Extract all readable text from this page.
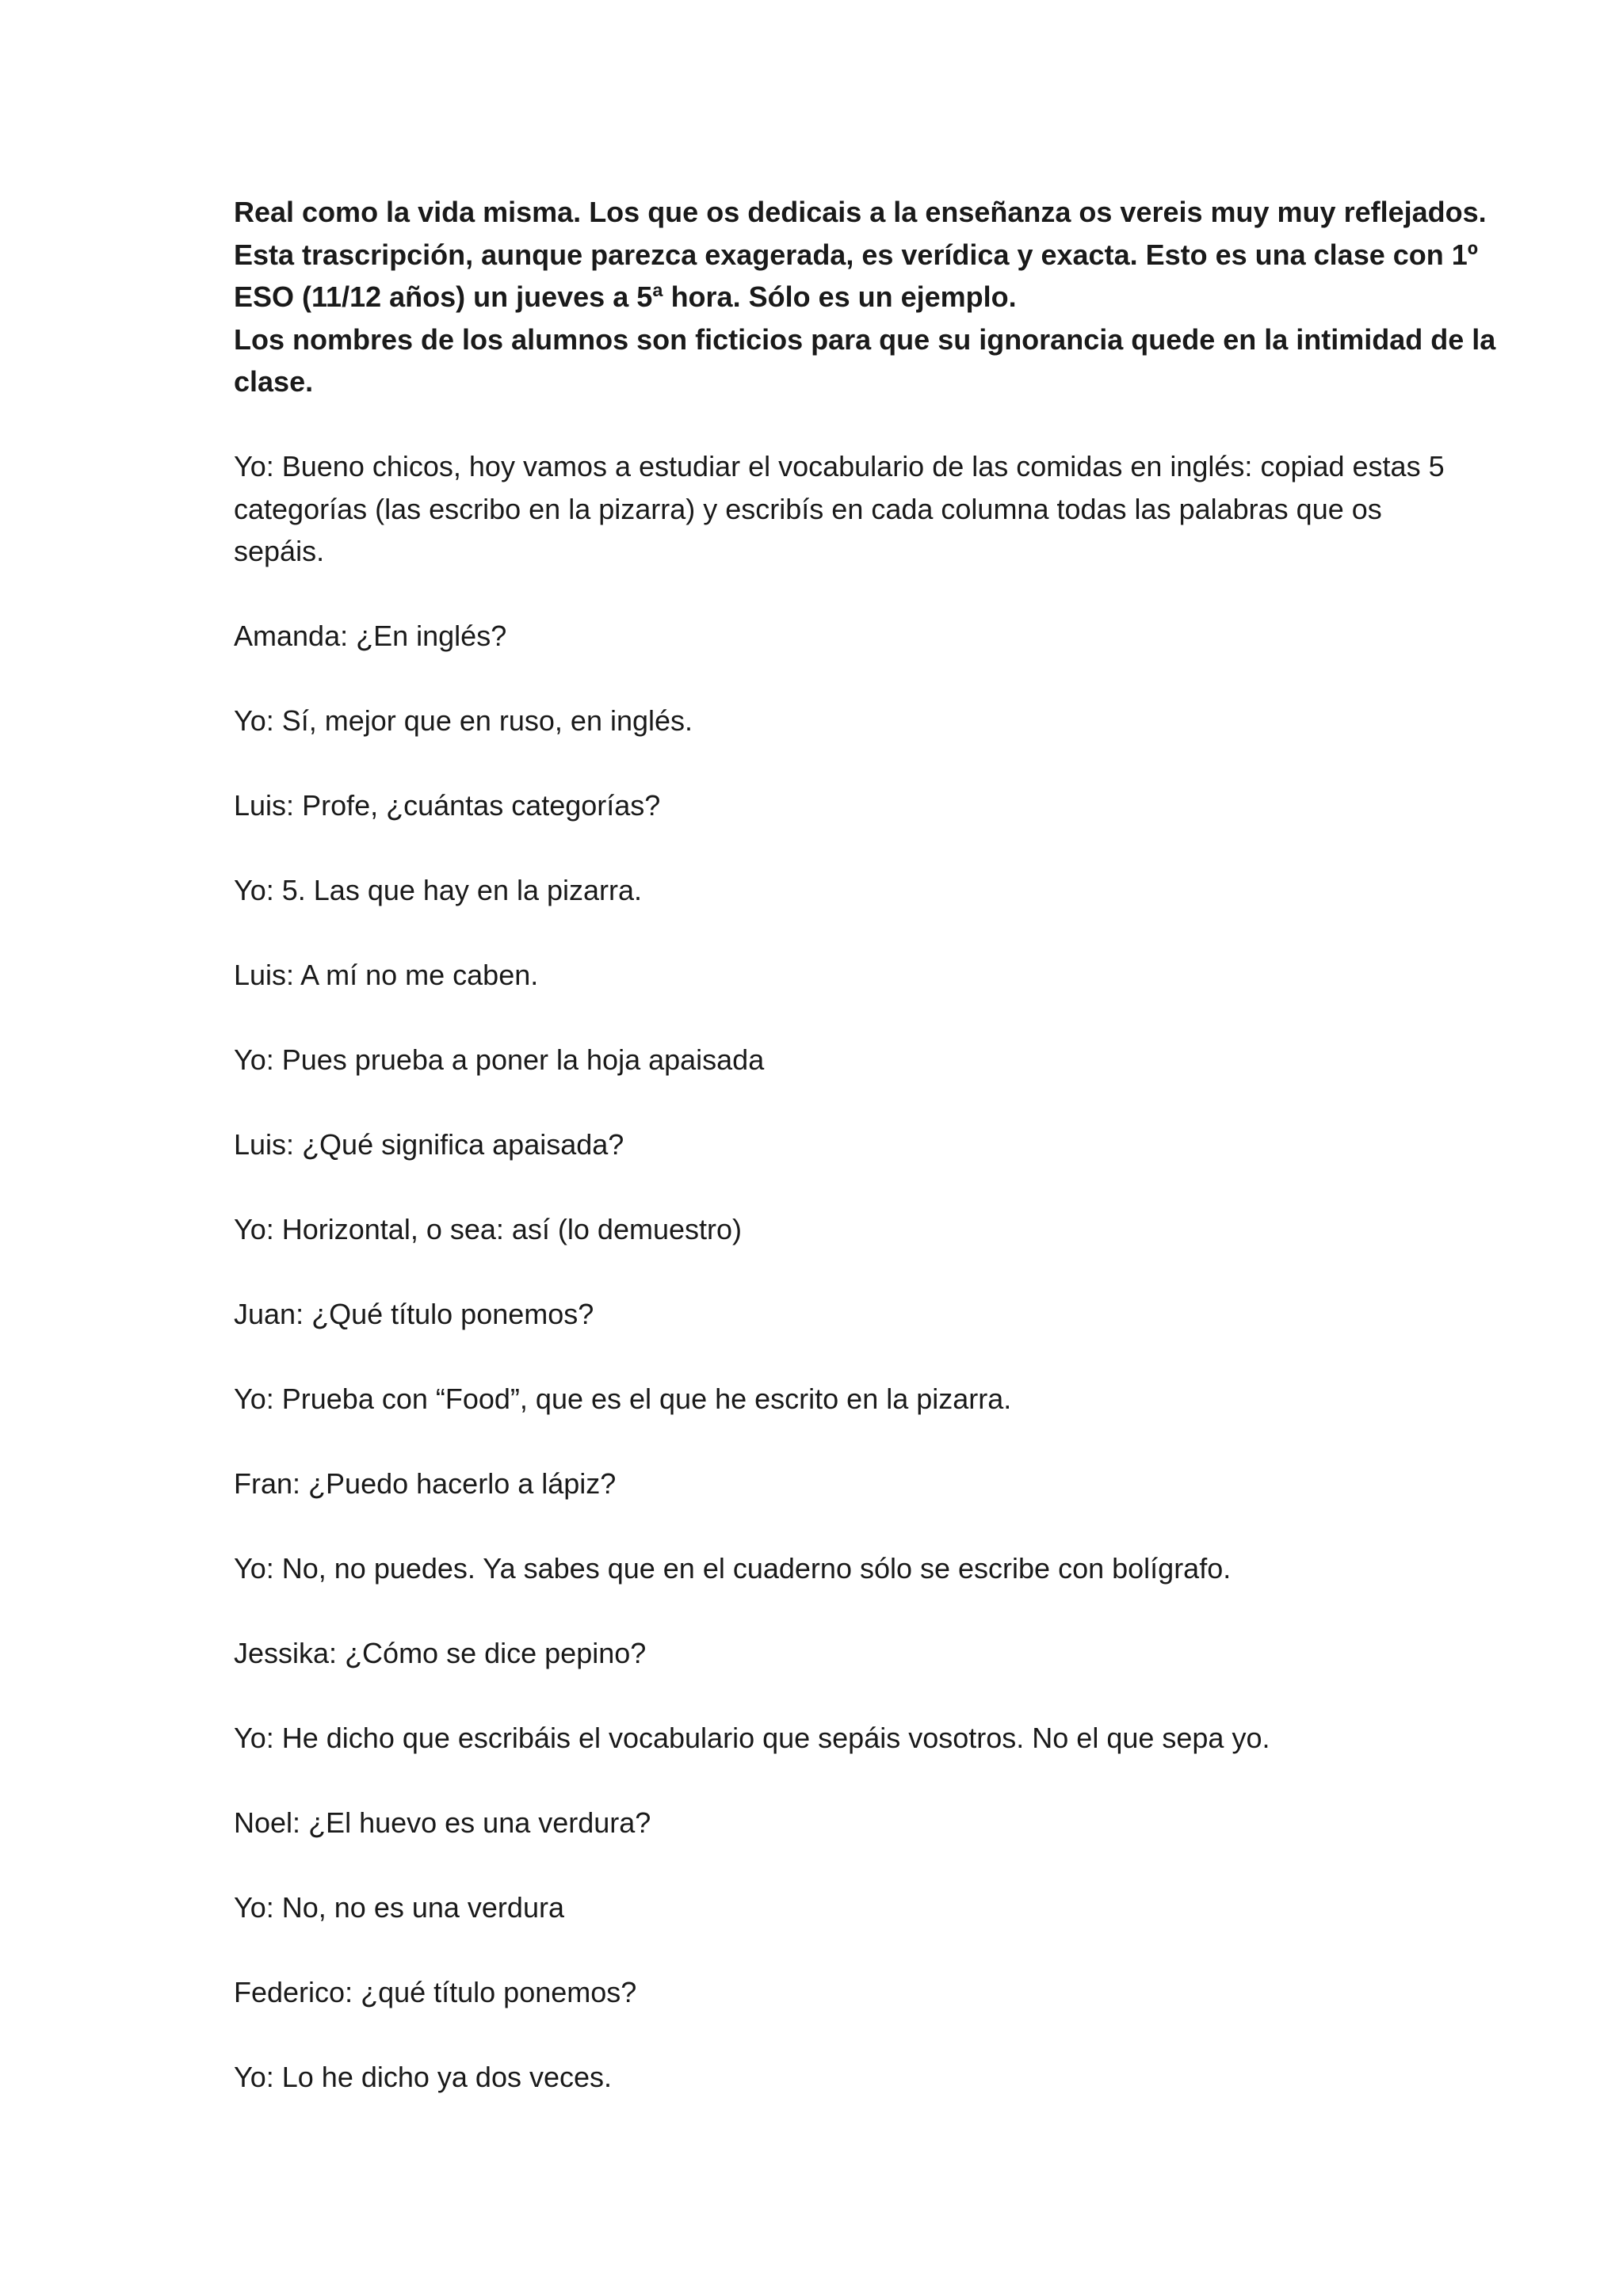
Real como la vida misma. Los que os dedicais a la enseñanza os vereis muy muy reflejados.
Esta trascripción, aunque parezca exagerada, es verídica y exacta. Esto es una clase con 1º
ESO (11/12 años) un jueves a 5ª hora. Sólo es un ejemplo.
Los nombres de los alumnos son ficticios para que su ignorancia quede en la intimidad de la
clase.

Yo : Bueno chicos, hoy vamos a estudiar el vocabulario de las comidas en inglés: copiad estas 5
categorías (las escribo en la pizarra) y escribís en cada columna todas las palabras que os
sepáis.

Amanda : ¿En inglés?

Yo : Sí, mejor que en ruso, en inglés.

Luis : Profe, ¿cuántas categorías?

Yo : 5. Las que hay en la pizarra.

Luis : A mí no me caben.

Yo : Pues prueba a poner la hoja apaisada

Luis : ¿Qué significa apaisada?

Yo : Horizontal, o sea: así (lo demuestro)

Juan : ¿Qué título ponemos?

Yo : Prueba con “Food”, que es el que he escrito en la pizarra.

Fran : ¿Puedo hacerlo a lápiz?

Yo : No, no puedes. Ya sabes que en el cuaderno sólo se escribe con bolígrafo.

Jessika : ¿Cómo se dice pepino?

Yo : He dicho que escribáis el vocabulario que sepáis vosotros. No el que sepa yo.

Noel : ¿El huevo es una verdura?

Yo : No, no es una verdura

Federico : ¿qué título ponemos?

Yo : Lo he dicho ya dos veces.
